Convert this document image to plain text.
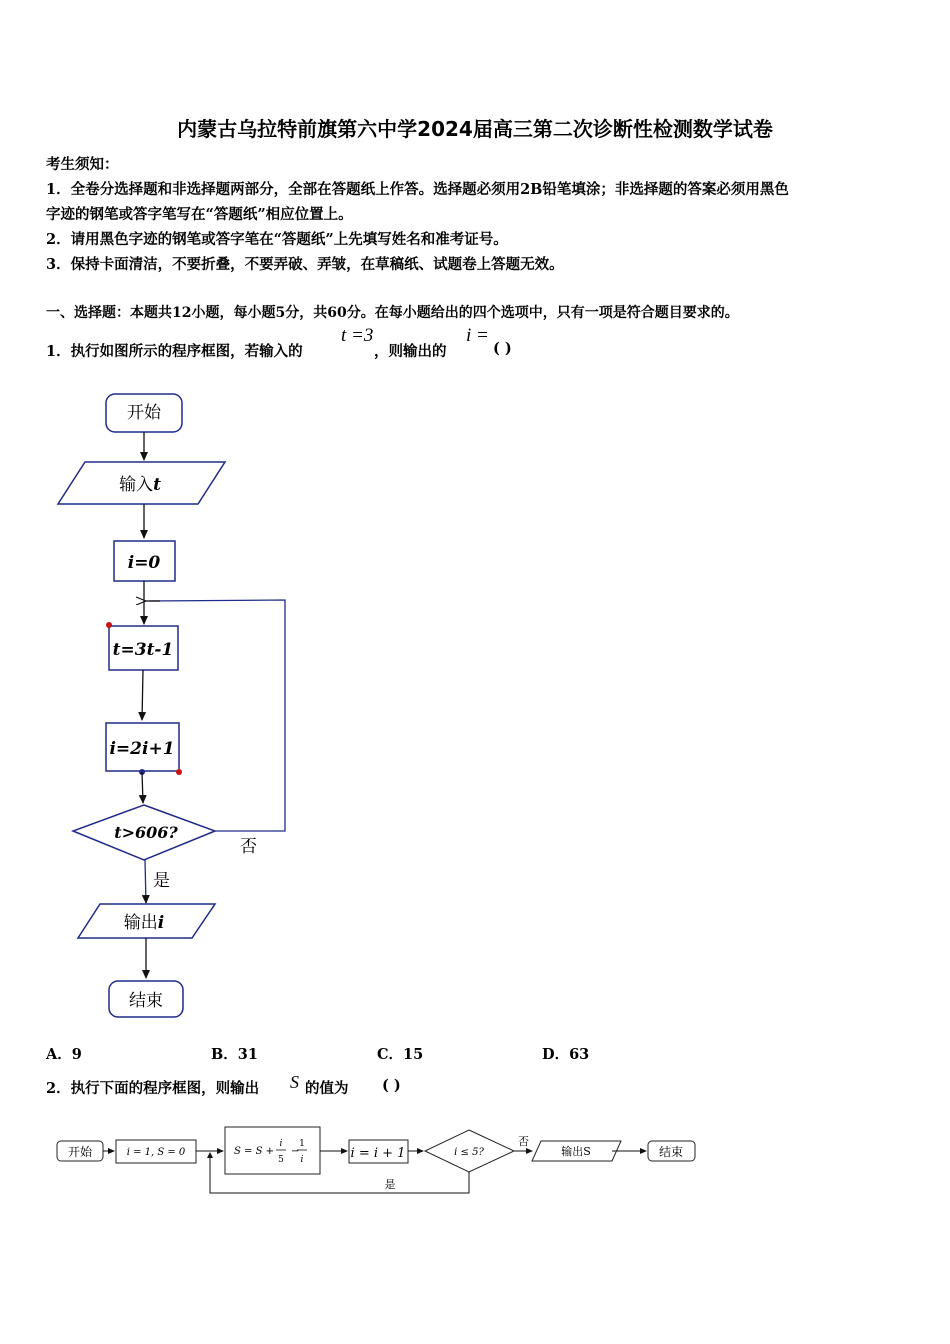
内蒙古乌拉特前旗第六中学2024届高三第二次诊断性检测数学试卷
考生须知：
1．全卷分选择题和非选择题两部分，全部在答题纸上作答。选择题必须用2B铅笔填涂；非选择题的答案必须用黑色
字迹的钢笔或答字笔写在“答题纸”相应位置上。
2．请用黑色字迹的钢笔或答字笔在“答题纸”上先填写姓名和准考证号。
3．保持卡面清洁，不要折叠，不要弄破、弄皱，在草稿纸、试题卷上答题无效。
一、选择题：本题共12小题，每小题5分，共60分。在每小题给出的四个选项中，只有一项是符合题目要求的。
1．执行如图所示的程序框图，若输入的
t =3
，则输出的
i =
( )
开始
输入t
i=0
t=3t-1
i=2i+1
t>606?
否
是
输出i
结束
A．9	B．31	C．15	D．63
2．执行下面的程序框图，则输出 S 的值为 ( )
开始	i = 1, S = 0	S = S +
i
5
−
1
i	i = i + 1	i ≤ 5?
否
是
输出S	结束
